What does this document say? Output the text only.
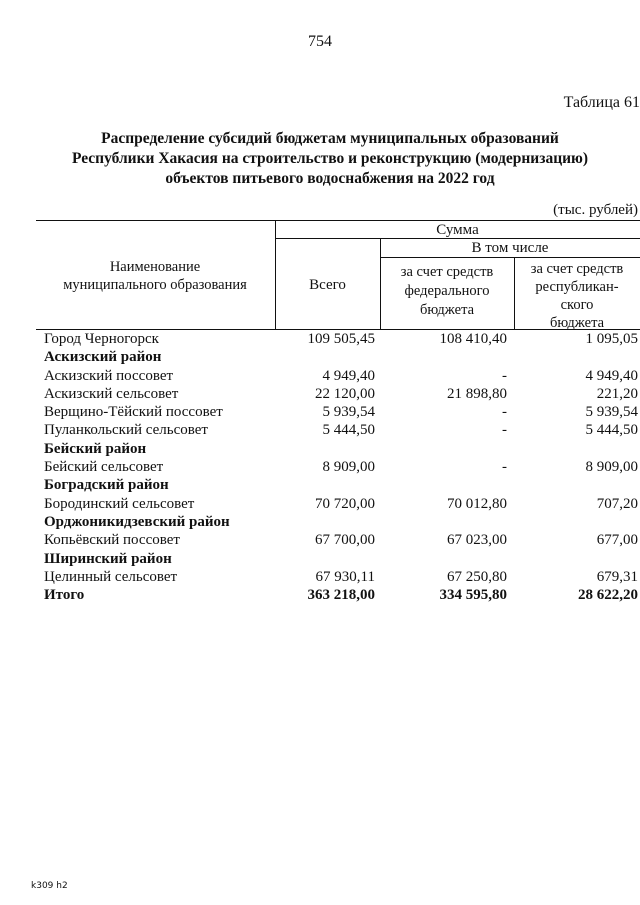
754
Таблица 61
Распределение субсидий бюджетам муниципальных образований
Республики Хакасия на строительство и реконструкцию (модернизацию)
объектов питьевого водоснабжения на 2022 год
(тыс. рублей)
Наименование
муниципального образования
Сумма
В том числе
Всего
за счет средств
федерального
бюджета
за счет средств
республикан-
ского
бюджета
Город Черногорск	109 505,45	108 410,40	1 095,05
Аскизский район
Аскизский поссовет	4 949,40	-	4 949,40
Аскизский сельсовет	22 120,00	21 898,80	221,20
Верщино-Тёйский поссовет	5 939,54	-	5 939,54
Пуланкольский сельсовет	5 444,50	-	5 444,50
Бейский район
Бейский сельсовет	8 909,00	-	8 909,00
Боградский район
Бородинский сельсовет	70 720,00	70 012,80	707,20
Орджоникидзевский район
Копьёвский поссовет	67 700,00	67 023,00	677,00
Ширинский район
Целинный сельсовет	67 930,11	67 250,80	679,31
Итого	363 218,00	334 595,80	28 622,20
k309 h2
